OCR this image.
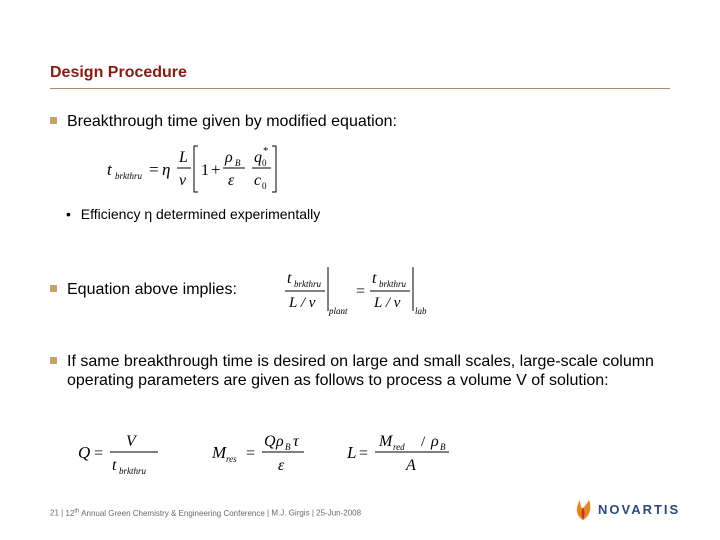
Design Procedure
Breakthrough time given by modified equation:
t brkthru = η
L
v
1 +
ρ B
ε
q 0
*
c 0
• Efficiency η determined experimentally
Equation above implies:
t brkthru
L / v plant
=
t brkthru
L / v lab
If same breakthrough time is desired on large and small scales, large-scale column operating parameters are given as follows to process a volume V of solution:
Q =
V
t brkthru
M res =
Q ρ B τ
ε
L =
M red / ρ B
A
21 | 12th Annual Green Chemistry & Engineering Conference | M.J. Girgis | 25-Jun-2008	NOVARTIS
